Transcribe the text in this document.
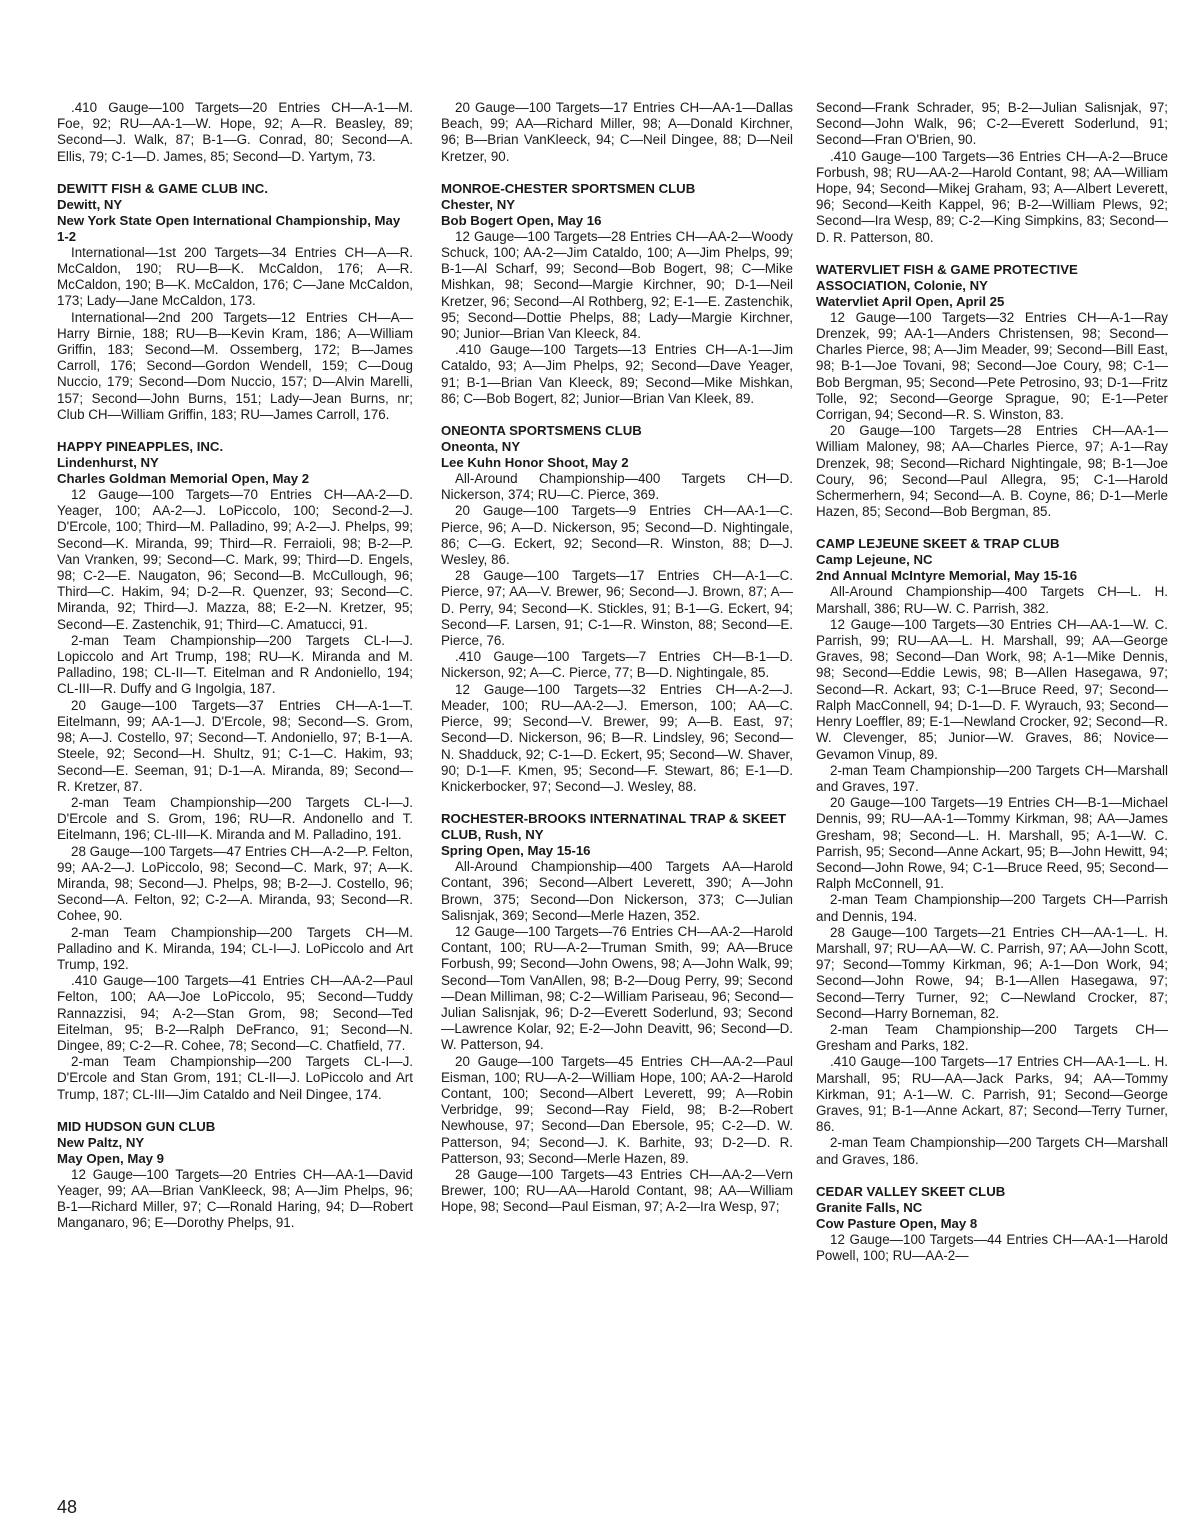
.410 Gauge—100 Targets—20 Entries CH—A-1—M. Foe, 92; RU—AA-1—W. Hope, 92; A—R. Beasley, 89; Second—J. Walk, 87; B-1—G. Conrad, 80; Second—A. Ellis, 79; C-1—D. James, 85; Second—D. Yartym, 73.

DEWITT FISH & GAME CLUB INC.
Dewitt, NY
New York State Open International Championship, May 1-2

International—1st 200 Targets—34 Entries CH—A—R. McCaldon, 190; RU—B—K. McCaldon, 176; A—R. McCaldon, 190; B—K. McCaldon, 176; C—Jane McCaldon, 173; Lady—Jane McCaldon, 173.

International—2nd 200 Targets—12 Entries CH—A—Harry Birnie, 188; RU—B—Kevin Kram, 186; A—William Griffin, 183; Second—M. Ossemberg, 172; B—James Carroll, 176; Second—Gordon Wendell, 159; C—Doug Nuccio, 179; Second—Dom Nuccio, 157; D—Alvin Marelli, 157; Second—John Burns, 151; Lady—Jean Burns, nr; Club CH—William Griffin, 183; RU—James Carroll, 176.

HAPPY PINEAPPLES, INC.
Lindenhurst, NY
Charles Goldman Memorial Open, May 2

12 Gauge—100 Targets—70 Entries CH—AA-2—D. Yeager, 100; AA-2—J. LoPiccolo, 100; Second-2—J. D'Ercole, 100; Third—M. Palladino, 99; A-2—J. Phelps, 99; Second—K. Miranda, 99; Third—R. Ferraioli, 98; B-2—P. Van Vranken, 99; Second—C. Mark, 99; Third—D. Engels, 98; C-2—E. Naugaton, 96; Second—B. McCullough, 96; Third—C. Hakim, 94; D-2—R. Quenzer, 93; Second—C. Miranda, 92; Third—J. Mazza, 88; E-2—N. Kretzer, 95; Second—E. Zastenchik, 91; Third—C. Amatucci, 91.

2-man Team Championship—200 Targets CL-I—J. Lopiccolo and Art Trump, 198; RU—K. Miranda and M. Palladino, 198; CL-II—T. Eitelman and R Andoniello, 194; CL-III—R. Duffy and G Ingolgia, 187.

20 Gauge—100 Targets—37 Entries CH—A-1—T. Eitelmann, 99; AA-1—J. D'Ercole, 98; Second—S. Grom, 98; A—J. Costello, 97; Second—T. Andoniello, 97; B-1—A. Steele, 92; Second—H. Shultz, 91; C-1—C. Hakim, 93; Second—E. Seeman, 91; D-1—A. Miranda, 89; Second—R. Kretzer, 87.

2-man Team Championship—200 Targets CL-I—J. D'Ercole and S. Grom, 196; RU—R. Andonello and T. Eitelmann, 196; CL-III—K. Miranda and M. Palladino, 191.

28 Gauge—100 Targets—47 Entries CH—A-2—P. Felton, 99; AA-2—J. LoPiccolo, 98; Second—C. Mark, 97; A—K. Miranda, 98; Second—J. Phelps, 98; B-2—J. Costello, 96; Second—A. Felton, 92; C-2—A. Miranda, 93; Second—R. Cohee, 90.

2-man Team Championship—200 Targets CH—M. Palladino and K. Miranda, 194; CL-I—J. LoPiccolo and Art Trump, 192.

.410 Gauge—100 Targets—41 Entries CH—AA-2—Paul Felton, 100; AA—Joe LoPiccolo, 95; Second—Tuddy Rannazzisi, 94; A-2—Stan Grom, 98; Second—Ted Eitelman, 95; B-2—Ralph DeFranco, 91; Second—N. Dingee, 89; C-2—R. Cohee, 78; Second—C. Chatfield, 77.

2-man Team Championship—200 Targets CL-I—J. D'Ercole and Stan Grom, 191; CL-II—J. LoPiccolo and Art Trump, 187; CL-III—Jim Cataldo and Neil Dingee, 174.

MID HUDSON GUN CLUB
New Paltz, NY
May Open, May 9

12 Gauge—100 Targets—20 Entries CH—AA-1—David Yeager, 99; AA—Brian VanKleeck, 98; A—Jim Phelps, 96; B-1—Richard Miller, 97; C—Ronald Haring, 94; D—Robert Manganaro, 96; E—Dorothy Phelps, 91.

20 Gauge—100 Targets—17 Entries CH—AA-1—Dallas Beach, 99; AA—Richard Miller, 98; A—Donald Kirchner, 96; B—Brian VanKleeck, 94; C—Neil Dingee, 88; D—Neil Kretzer, 90.

MONROE-CHESTER SPORTSMEN CLUB
Chester, NY
Bob Bogert Open, May 16

12 Gauge—100 Targets—28 Entries CH—AA-2—Woody Schuck, 100; AA-2—Jim Cataldo, 100; A—Jim Phelps, 99; B-1—Al Scharf, 99; Second—Bob Bogert, 98; C—Mike Mishkan, 98; Second—Margie Kirchner, 90; D-1—Neil Kretzer, 96; Second—Al Rothberg, 92; E-1—E. Zastenchik, 95; Second—Dottie Phelps, 88; Lady—Margie Kirchner, 90; Junior—Brian Van Kleeck, 84.

.410 Gauge—100 Targets—13 Entries CH—A-1—Jim Cataldo, 93; A—Jim Phelps, 92; Second—Dave Yeager, 91; B-1—Brian Van Kleeck, 89; Second—Mike Mishkan, 86; C—Bob Bogert, 82; Junior—Brian Van Kleek, 89.

ONEONTA SPORTSMENS CLUB
Oneonta, NY
Lee Kuhn Honor Shoot, May 2

All-Around Championship—400 Targets CH—D. Nickerson, 374; RU—C. Pierce, 369.

20 Gauge—100 Targets—9 Entries CH—AA-1—C. Pierce, 96; A—D. Nickerson, 95; Second—D. Nightingale, 86; C—G. Eckert, 92; Second—R. Winston, 88; D—J. Wesley, 86.

28 Gauge—100 Targets—17 Entries CH—A-1—C. Pierce, 97; AA—V. Brewer, 96; Second—J. Brown, 87; A—D. Perry, 94; Second—K. Stickles, 91; B-1—G. Eckert, 94; Second—F. Larsen, 91; C-1—R. Winston, 88; Second—E. Pierce, 76.

.410 Gauge—100 Targets—7 Entries CH—B-1—D. Nickerson, 92; A—C. Pierce, 77; B—D. Nightingale, 85.

12 Gauge—100 Targets—32 Entries CH—A-2—J. Meader, 100; RU—AA-2—J. Emerson, 100; AA—C. Pierce, 99; Second—V. Brewer, 99; A—B. East, 97; Second—D. Nickerson, 96; B—R. Lindsley, 96; Second—N. Shadduck, 92; C-1—D. Eckert, 95; Second—W. Shaver, 90; D-1—F. Kmen, 95; Second—F. Stewart, 86; E-1—D. Knickerbocker, 97; Second—J. Wesley, 88.

ROCHESTER-BROOKS INTERNATINAL TRAP & SKEET CLUB, Rush, NY
Spring Open, May 15-16

All-Around Championship—400 Targets AA—Harold Contant, 396; Second—Albert Leverett, 390; A—John Brown, 375; Second—Don Nickerson, 373; C—Julian Salisnjak, 369; Second—Merle Hazen, 352.

12 Gauge—100 Targets—76 Entries CH—AA-2—Harold Contant, 100; RU—A-2—Truman Smith, 99; AA—Bruce Forbush, 99; Second—John Owens, 98; A—John Walk, 99; Second—Tom VanAllen, 98; B-2—Doug Perry, 99; Second—Dean Milliman, 98; C-2—William Pariseau, 96; Second—Julian Salisnjak, 96; D-2—Everett Soderlund, 93; Second—Lawrence Kolar, 92; E-2—John Deavitt, 96; Second—D. W. Patterson, 94.

20 Gauge—100 Targets—45 Entries CH—AA-2—Paul Eisman, 100; RU—A-2—William Hope, 100; AA-2—Harold Contant, 100; Second—Albert Leverett, 99; A—Robin Verbridge, 99; Second—Ray Field, 98; B-2—Robert Newhouse, 97; Second—Dan Ebersole, 95; C-2—D. W. Patterson, 94; Second—J. K. Barhite, 93; D-2—D. R. Patterson, 93; Second—Merle Hazen, 89.

28 Gauge—100 Targets—43 Entries CH—AA-2—Vern Brewer, 100; RU—AA—Harold Contant, 98; AA—William Hope, 98; Second—Paul Eisman, 97; A-2—Ira Wesp, 97;

Second—Frank Schrader, 95; B-2—Julian Salisnjak, 97; Second—John Walk, 96; C-2—Everett Soderlund, 91; Second—Fran O'Brien, 90.

.410 Gauge—100 Targets—36 Entries CH—A-2—Bruce Forbush, 98; RU—AA-2—Harold Contant, 98; AA—William Hope, 94; Second—Mikej Graham, 93; A—Albert Leverett, 96; Second—Keith Kappel, 96; B-2—William Plews, 92; Second—Ira Wesp, 89; C-2—King Simpkins, 83; Second—D. R. Patterson, 80.

WATERVLIET FISH & GAME PROTECTIVE ASSOCIATION, Colonie, NY
Watervliet April Open, April 25

12 Gauge—100 Targets—32 Entries CH—A-1—Ray Drenzek, 99; AA-1—Anders Christensen, 98; Second—Charles Pierce, 98; A—Jim Meader, 99; Second—Bill East, 98; B-1—Joe Tovani, 98; Second—Joe Coury, 98; C-1—Bob Bergman, 95; Second—Pete Petrosino, 93; D-1—Fritz Tolle, 92; Second—George Sprague, 90; E-1—Peter Corrigan, 94; Second—R. S. Winston, 83.

20 Gauge—100 Targets—28 Entries CH—AA-1—William Maloney, 98; AA—Charles Pierce, 97; A-1—Ray Drenzek, 98; Second—Richard Nightingale, 98; B-1—Joe Coury, 96; Second—Paul Allegra, 95; C-1—Harold Schermerhern, 94; Second—A. B. Coyne, 86; D-1—Merle Hazen, 85; Second—Bob Bergman, 85.

CAMP LEJEUNE SKEET & TRAP CLUB
Camp Lejeune, NC
2nd Annual McIntyre Memorial, May 15-16

All-Around Championship—400 Targets CH—L. H. Marshall, 386; RU—W. C. Parrish, 382.

12 Gauge—100 Targets—30 Entries CH—AA-1—W. C. Parrish, 99; RU—AA—L. H. Marshall, 99; AA—George Graves, 98; Second—Dan Work, 98; A-1—Mike Dennis, 98; Second—Eddie Lewis, 98; B—Allen Hasegawa, 97; Second—R. Ackart, 93; C-1—Bruce Reed, 97; Second—Ralph MacConnell, 94; D-1—D. F. Wyrauch, 93; Second—Henry Loeffler, 89; E-1—Newland Crocker, 92; Second—R. W. Clevenger, 85; Junior—W. Graves, 86; Novice—Gevamon Vinup, 89.

2-man Team Championship—200 Targets CH—Marshall and Graves, 197.

20 Gauge—100 Targets—19 Entries CH—B-1—Michael Dennis, 99; RU—AA-1—Tommy Kirkman, 98; AA—James Gresham, 98; Second—L. H. Marshall, 95; A-1—W. C. Parrish, 95; Second—Anne Ackart, 95; B—John Hewitt, 94; Second—John Rowe, 94; C-1—Bruce Reed, 95; Second—Ralph McConnell, 91.

2-man Team Championship—200 Targets CH—Parrish and Dennis, 194.

28 Gauge—100 Targets—21 Entries CH—AA-1—L. H. Marshall, 97; RU—AA—W. C. Parrish, 97; AA—John Scott, 97; Second—Tommy Kirkman, 96; A-1—Don Work, 94; Second—John Rowe, 94; B-1—Allen Hasegawa, 97; Second—Terry Turner, 92; C—Newland Crocker, 87; Second—Harry Borneman, 82.

2-man Team Championship—200 Targets CH—Gresham and Parks, 182.

.410 Gauge—100 Targets—17 Entries CH—AA-1—L. H. Marshall, 95; RU—AA—Jack Parks, 94; AA—Tommy Kirkman, 91; A-1—W. C. Parrish, 91; Second—George Graves, 91; B-1—Anne Ackart, 87; Second—Terry Turner, 86.

2-man Team Championship—200 Targets CH—Marshall and Graves, 186.

CEDAR VALLEY SKEET CLUB
Granite Falls, NC
Cow Pasture Open, May 8

12 Gauge—100 Targets—44 Entries CH—AA-1—Harold Powell, 100; RU—AA-2—

48
